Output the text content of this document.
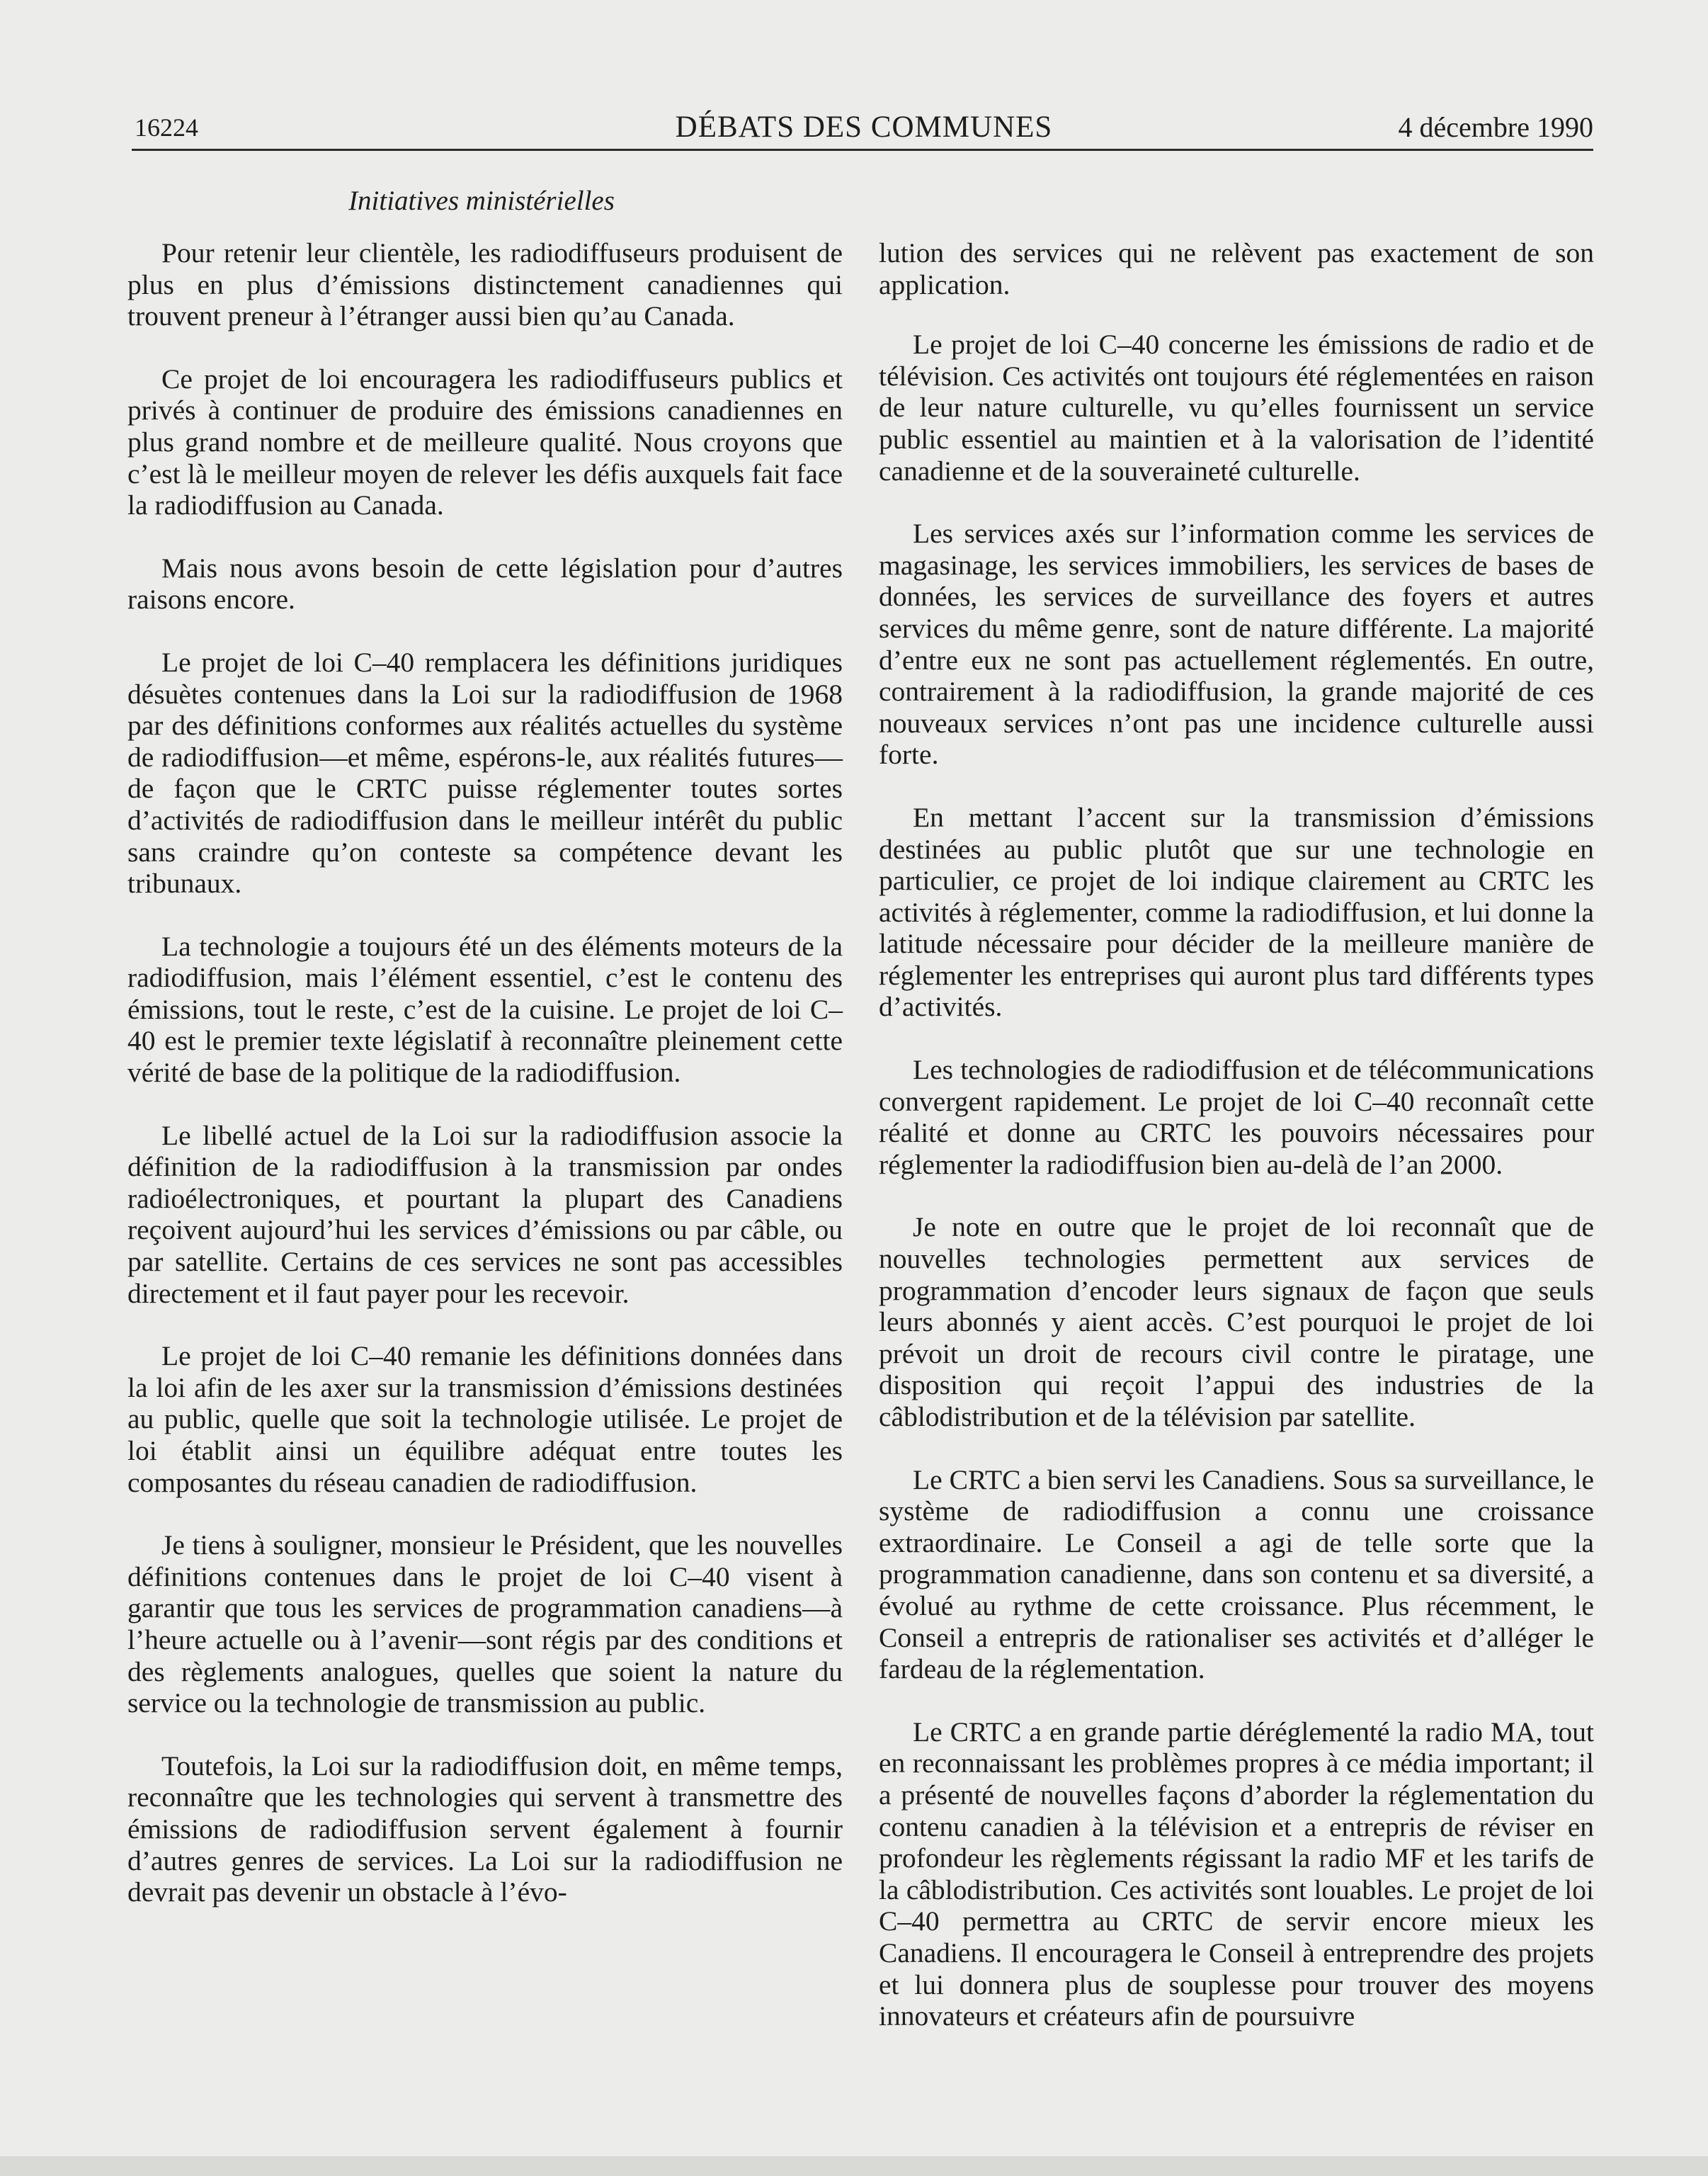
16224	DÉBATS DES COMMUNES	4 décembre 1990
Initiatives ministérielles

Pour retenir leur clientèle, les radiodiffuseurs produisent de plus en plus d’émissions distinctement canadiennes qui trouvent preneur à l’étranger aussi bien qu’au Canada.

Ce projet de loi encouragera les radiodiffuseurs publics et privés à continuer de produire des émissions canadiennes en plus grand nombre et de meilleure qualité. Nous croyons que c’est là le meilleur moyen de relever les défis auxquels fait face la radiodiffusion au Canada.

Mais nous avons besoin de cette législation pour d’autres raisons encore.

Le projet de loi C–40 remplacera les définitions juridiques désuètes contenues dans la Loi sur la radiodiffusion de 1968 par des définitions conformes aux réalités actuelles du système de radiodiffusion—et même, espérons-le, aux réalités futures—de façon que le CRTC puisse réglementer toutes sortes d’activités de radiodiffusion dans le meilleur intérêt du public sans craindre qu’on conteste sa compétence devant les tribunaux.

La technologie a toujours été un des éléments moteurs de la radiodiffusion, mais l’élément essentiel, c’est le contenu des émissions, tout le reste, c’est de la cuisine. Le projet de loi C–40 est le premier texte législatif à reconnaître pleinement cette vérité de base de la politique de la radiodiffusion.

Le libellé actuel de la Loi sur la radiodiffusion associe la définition de la radiodiffusion à la transmission par ondes radioélectroniques, et pourtant la plupart des Canadiens reçoivent aujourd’hui les services d’émissions ou par câble, ou par satellite. Certains de ces services ne sont pas accessibles directement et il faut payer pour les recevoir.

Le projet de loi C–40 remanie les définitions données dans la loi afin de les axer sur la transmission d’émissions destinées au public, quelle que soit la technologie utilisée. Le projet de loi établit ainsi un équilibre adéquat entre toutes les composantes du réseau canadien de radiodiffusion.

Je tiens à souligner, monsieur le Président, que les nouvelles définitions contenues dans le projet de loi C–40 visent à garantir que tous les services de programmation canadiens—à l’heure actuelle ou à l’avenir—sont régis par des conditions et des règlements analogues, quelles que soient la nature du service ou la technologie de transmission au public.

Toutefois, la Loi sur la radiodiffusion doit, en même temps, reconnaître que les technologies qui servent à transmettre des émissions de radiodiffusion servent également à fournir d’autres genres de services. La Loi sur la radiodiffusion ne devrait pas devenir un obstacle à l’évo-

lution des services qui ne relèvent pas exactement de son application.

Le projet de loi C–40 concerne les émissions de radio et de télévision. Ces activités ont toujours été réglementées en raison de leur nature culturelle, vu qu’elles fournissent un service public essentiel au maintien et à la valorisation de l’identité canadienne et de la souveraineté culturelle.

Les services axés sur l’information comme les services de magasinage, les services immobiliers, les services de bases de données, les services de surveillance des foyers et autres services du même genre, sont de nature différente. La majorité d’entre eux ne sont pas actuellement réglementés. En outre, contrairement à la radiodiffusion, la grande majorité de ces nouveaux services n’ont pas une incidence culturelle aussi forte.

En mettant l’accent sur la transmission d’émissions destinées au public plutôt que sur une technologie en particulier, ce projet de loi indique clairement au CRTC les activités à réglementer, comme la radiodiffusion, et lui donne la latitude nécessaire pour décider de la meilleure manière de réglementer les entreprises qui auront plus tard différents types d’activités.

Les technologies de radiodiffusion et de télécommunications convergent rapidement. Le projet de loi C–40 reconnaît cette réalité et donne au CRTC les pouvoirs nécessaires pour réglementer la radiodiffusion bien au-delà de l’an 2000.

Je note en outre que le projet de loi reconnaît que de nouvelles technologies permettent aux services de programmation d’encoder leurs signaux de façon que seuls leurs abonnés y aient accès. C’est pourquoi le projet de loi prévoit un droit de recours civil contre le piratage, une disposition qui reçoit l’appui des industries de la câblodistribution et de la télévision par satellite.

Le CRTC a bien servi les Canadiens. Sous sa surveillance, le système de radiodiffusion a connu une croissance extraordinaire. Le Conseil a agi de telle sorte que la programmation canadienne, dans son contenu et sa diversité, a évolué au rythme de cette croissance. Plus récemment, le Conseil a entrepris de rationaliser ses activités et d’alléger le fardeau de la réglementation.

Le CRTC a en grande partie déréglementé la radio MA, tout en reconnaissant les problèmes propres à ce média important; il a présenté de nouvelles façons d’aborder la réglementation du contenu canadien à la télévision et a entrepris de réviser en profondeur les règlements régissant la radio MF et les tarifs de la câblodistribution. Ces activités sont louables. Le projet de loi C–40 permettra au CRTC de servir encore mieux les Canadiens. Il encouragera le Conseil à entreprendre des projets et lui donnera plus de souplesse pour trouver des moyens innovateurs et créateurs afin de poursuivre
